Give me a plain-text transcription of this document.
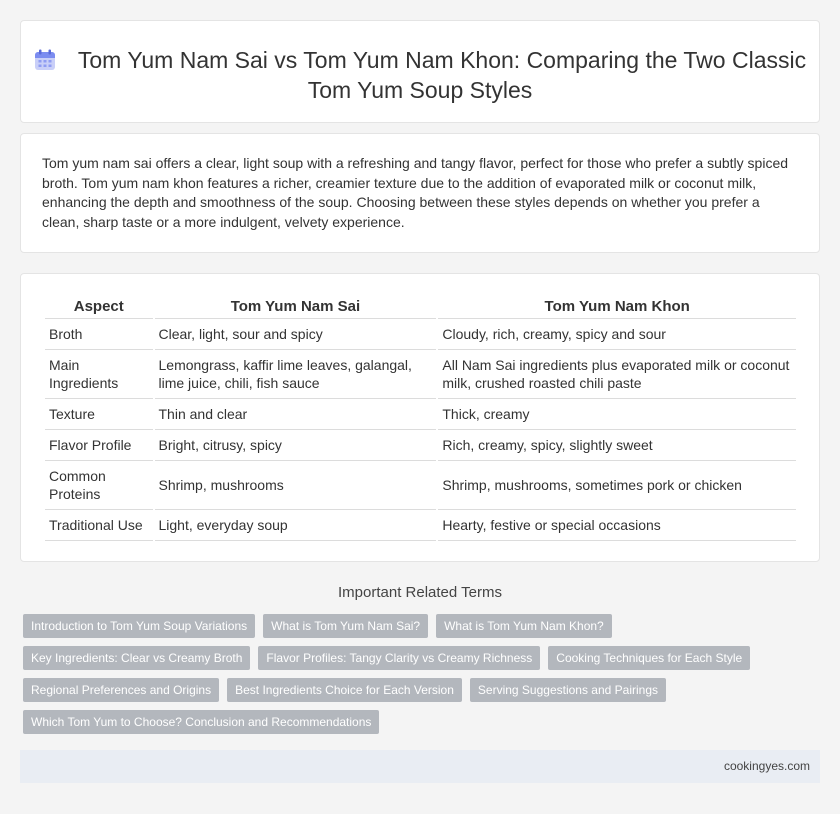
Tom Yum Nam Sai vs Tom Yum Nam Khon: Comparing the Two Classic Tom Yum Soup Styles

Tom yum nam sai offers a clear, light soup with a refreshing and tangy flavor, perfect for those who prefer a subtly spiced broth. Tom yum nam khon features a richer, creamier texture due to the addition of evaporated milk or coconut milk, enhancing the depth and smoothness of the soup. Choosing between these styles depends on whether you prefer a clean, sharp taste or a more indulgent, velvety experience.

Aspect	Tom Yum Nam Sai	Tom Yum Nam Khon
Broth	Clear, light, sour and spicy	Cloudy, rich, creamy, spicy and sour
Main Ingredients	Lemongrass, kaffir lime leaves, galangal, lime juice, chili, fish sauce	All Nam Sai ingredients plus evaporated milk or coconut milk, crushed roasted chili paste
Texture	Thin and clear	Thick, creamy
Flavor Profile	Bright, citrusy, spicy	Rich, creamy, spicy, slightly sweet
Common Proteins	Shrimp, mushrooms	Shrimp, mushrooms, sometimes pork or chicken
Traditional Use	Light, everyday soup	Hearty, festive or special occasions
Important Related Terms
Introduction to Tom Yum Soup Variations	What is Tom Yum Nam Sai?	What is Tom Yum Nam Khon?
Key Ingredients: Clear vs Creamy Broth	Flavor Profiles: Tangy Clarity vs Creamy Richness	Cooking Techniques for Each Style
Regional Preferences and Origins	Best Ingredients Choice for Each Version	Serving Suggestions and Pairings
Which Tom Yum to Choose? Conclusion and Recommendations
cookingyes.com
